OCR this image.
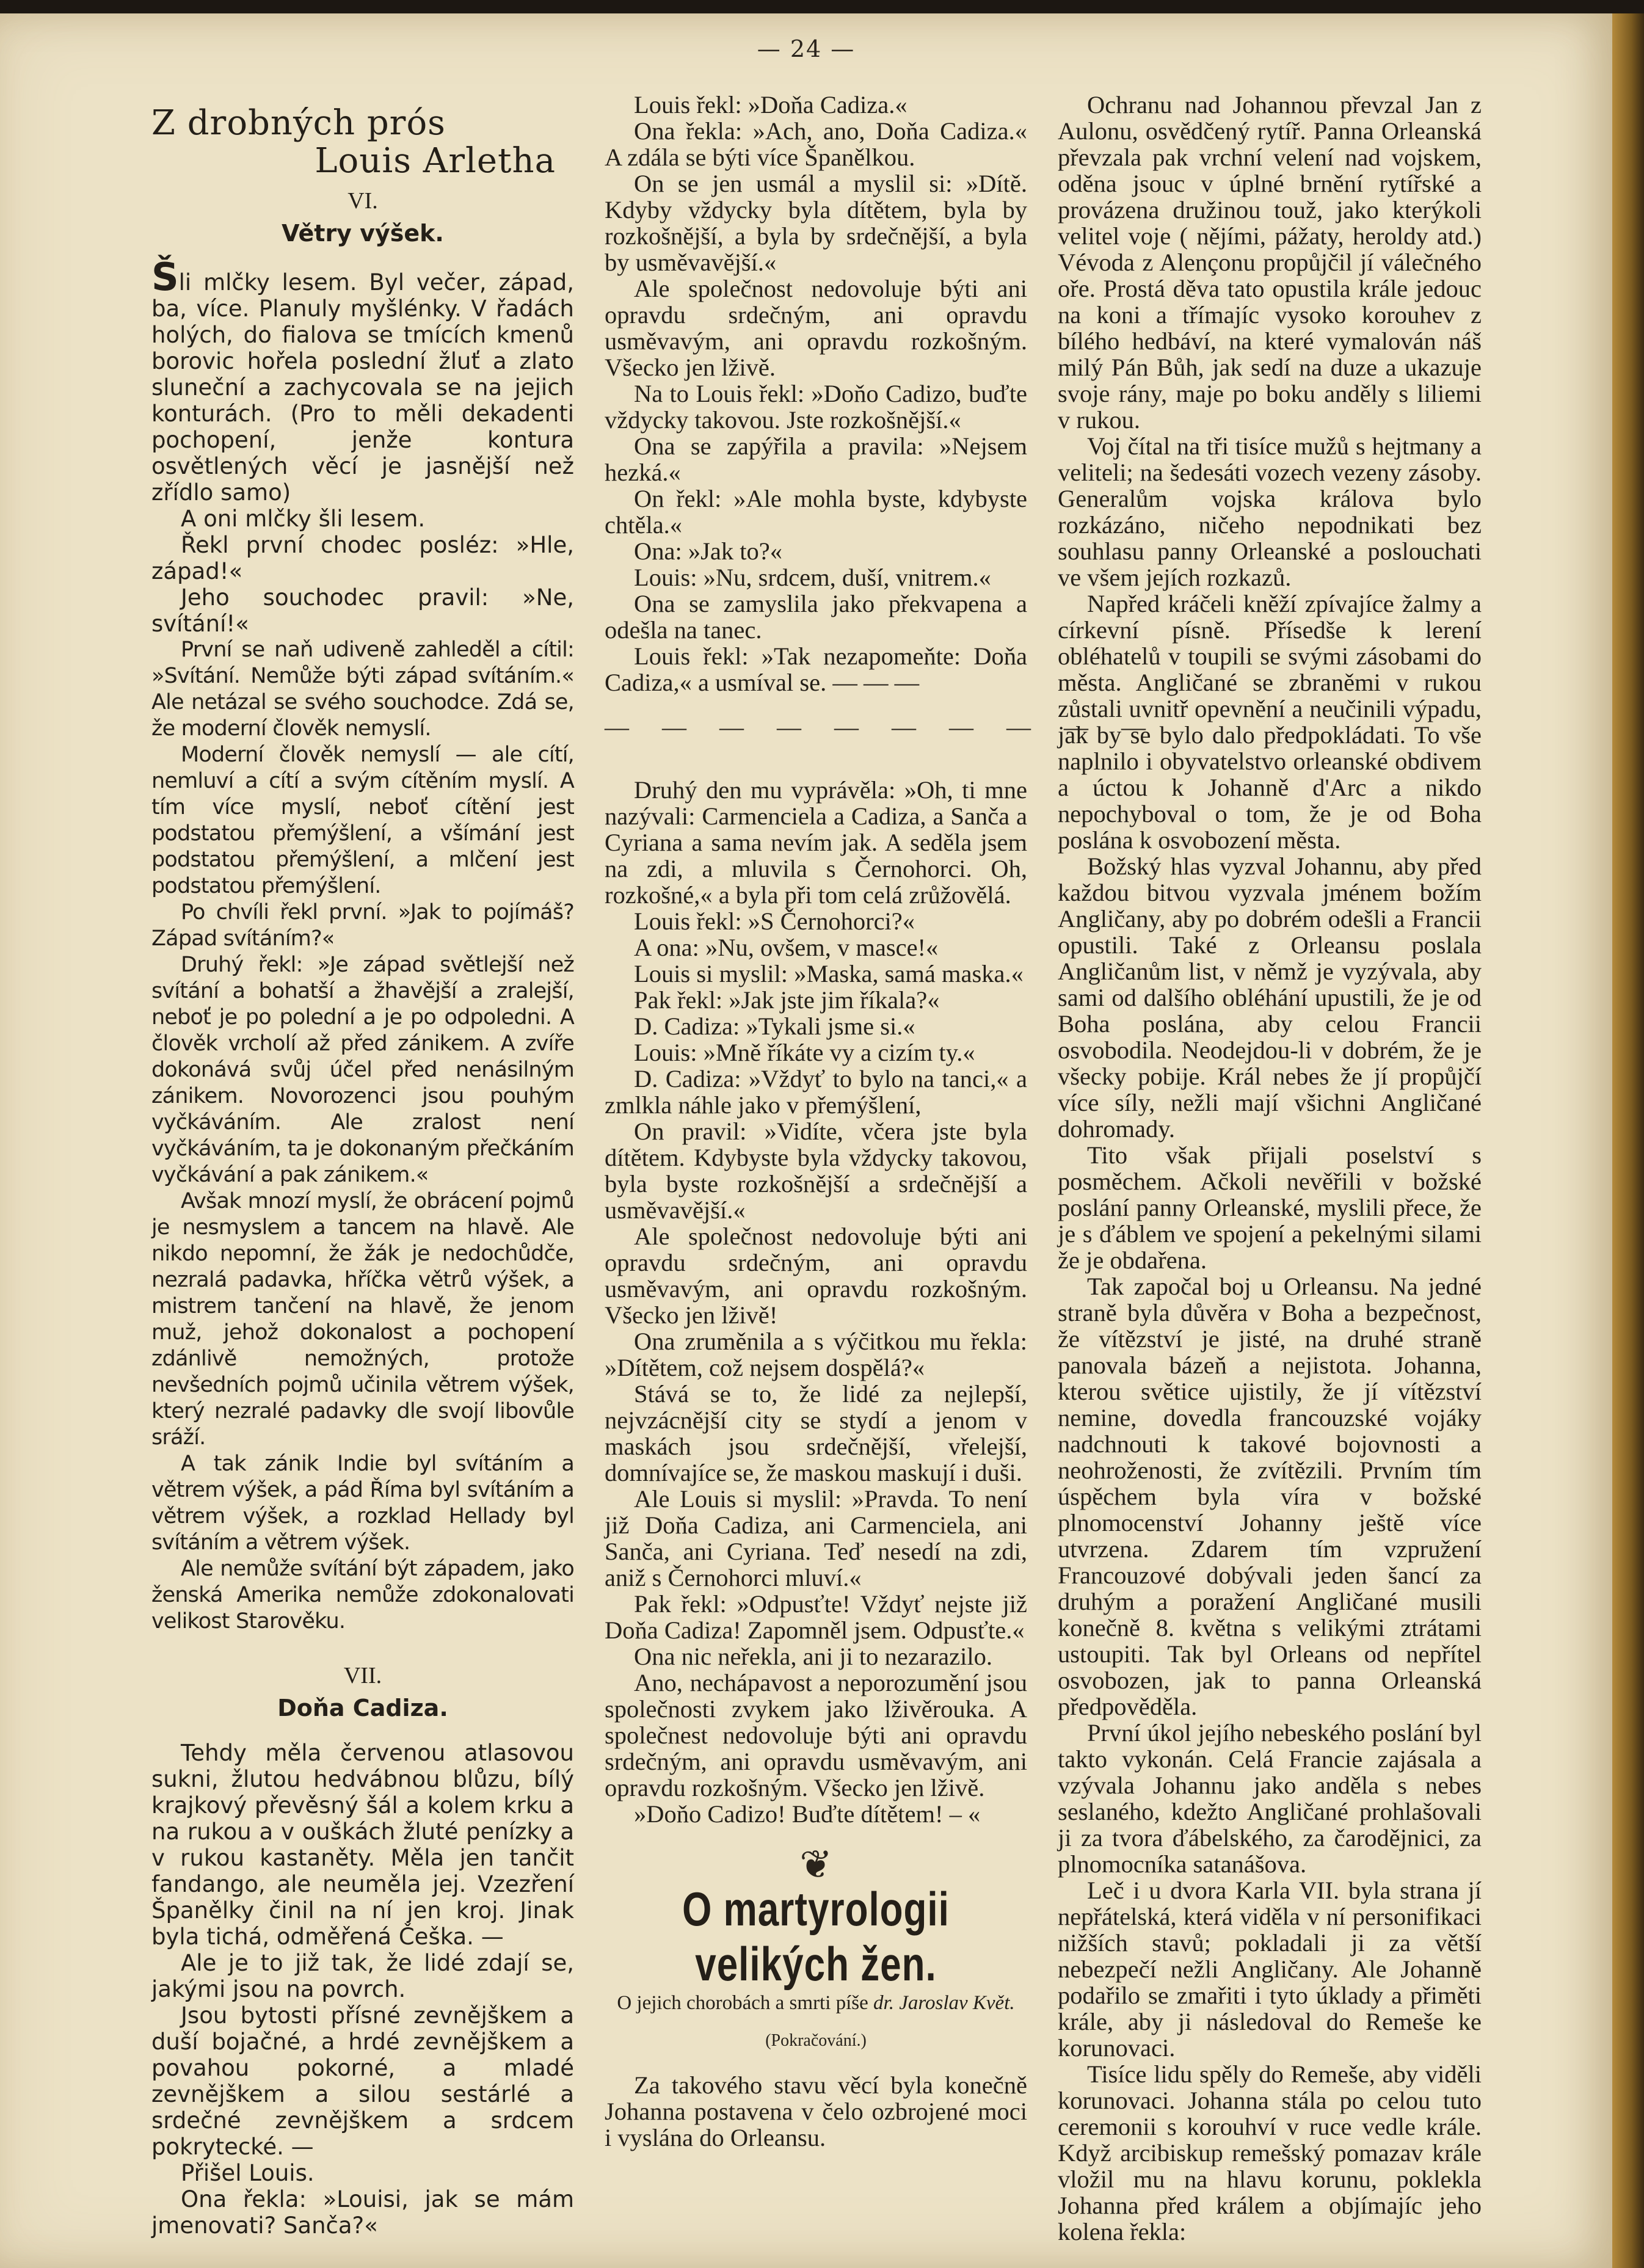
— 24 —
Z drobných prós
Louis Arletha
VI.
Větry výšek.

Šli mlčky lesem. Byl večer, západ, ba, více. Planuly myšlénky. V řadách holých, do fialova se tmících kmenů borovic hořela poslední žluť a zlato sluneční a zachycovala se na jejich konturách. (Pro to měli dekadenti pochopení, jenže kontura osvětlených věcí je jasnější než zřídlo samo)

A oni mlčky šli lesem.

Řekl první chodec posléz: »Hle, západ!«

Jeho souchodec pravil: »Ne, svítání!«

První se naň udiveně zahleděl a cítil: »Svítání. Nemůže býti západ svítáním.« Ale netázal se svého souchodce. Zdá se, že moderní člověk nemyslí.

Moderní člověk nemyslí — ale cítí, nemluví a cítí a svým cítěním myslí. A tím více myslí, neboť cítění jest podstatou přemýšlení, a všímání jest podstatou přemýšlení, a mlčení jest podstatou přemýšlení.

Po chvíli řekl první. »Jak to pojímáš? Západ svítáním?«

Druhý řekl: »Je západ světlejší než svítání a bohatší a žhavější a zralejší, neboť je po polední a je po odpoledni. A člověk vrcholí až před zánikem. A zvíře dokonává svůj účel před nenásilným zánikem. Novorozenci jsou pouhým vyčkáváním. Ale zralost není vyčkáváním, ta je dokonaným přečkáním vyčkávání a pak zánikem.«

Avšak mnozí myslí, že obrácení pojmů je nesmyslem a tancem na hlavě. Ale nikdo nepomní, že žák je nedochůdče, nezralá padavka, hříčka větrů výšek, a mistrem tančení na hlavě, že jenom muž, jehož dokonalost a pochopení zdánlivě nemožných, protože nevšedních pojmů učinila větrem výšek, který nezralé padavky dle svojí libovůle sráží.

A tak zánik Indie byl svítáním a větrem výšek, a pád Říma byl svítáním a větrem výšek, a rozklad Hellady byl svítáním a větrem výšek.

Ale nemůže svítání být západem, jako ženská Amerika nemůže zdokonalovati velikost Starověku.

VII.
Doňa Cadiza.

Tehdy měla červenou atlasovou sukni, žlutou hedvábnou blůzu, bílý krajkový převěsný šál a kolem krku a na rukou a v ouškách žluté penízky a v rukou kastaněty. Měla jen tančit fandango, ale neuměla jej. Vzezření Španělky činil na ní jen kroj. Jinak byla tichá, odměřená Češka. —

Ale je to již tak, že lidé zdají se, jakými jsou na povrch.

Jsou bytosti přísné zevnějškem a duší bojačné, a hrdé zevnějškem a povahou pokorné, a mladé zevnějškem a silou sestárlé a srdečné zevnějškem a srdcem pokrytecké. —

Přišel Louis.

Ona řekla: »Louisi, jak se mám jmenovati? Sanča?«

Louis řekl: »Doňa Cadiza.«

Ona řekla: »Ach, ano, Doňa Cadiza.« A zdála se býti více Španělkou.

On se jen usmál a myslil si: »Dítě. Kdyby vždycky byla dítětem, byla by rozkošnější, a byla by srdečnější, a byla by usměvavější.«

Ale společnost nedovoluje býti ani opravdu srdečným, ani opravdu usměvavým, ani opravdu rozkošným. Všecko jen lživě.

Na to Louis řekl: »Doňo Cadizo, buďte vždycky takovou. Jste rozkošnější.«

Ona se zapýřila a pravila: »Nejsem hezká.«

On řekl: »Ale mohla byste, kdybyste chtěla.«

Ona: »Jak to?«

Louis: »Nu, srdcem, duší, vnitrem.«

Ona se zamyslila jako překvapena a odešla na tanec.

Louis řekl: »Tak nezapomeňte: Doňa Cadiza,« a usmíval se. — — —

— — — — — — — — — —

Druhý den mu vyprávěla: »Oh, ti mne nazývali: Carmenciela a Cadiza, a Sanča a Cyriana a sama nevím jak. A seděla jsem na zdi, a mluvila s Černohorci. Oh, rozkošné,« a byla při tom celá zrůžovělá.

Louis řekl: »S Černohorci?«

A ona: »Nu, ovšem, v masce!«

Louis si myslil: »Maska, samá maska.«

Pak řekl: »Jak jste jim říkala?«

D. Cadiza: »Tykali jsme si.«

Louis: »Mně říkáte vy a cizím ty.«

D. Cadiza: »Vždyť to bylo na tanci,« a zmlkla náhle jako v přemýšlení,

On pravil: »Vidíte, včera jste byla dítětem. Kdybyste byla vždycky takovou, byla byste rozkošnější a srdečnější a usměvavější.«

Ale společnost nedovoluje býti ani opravdu srdečným, ani opravdu usměvavým, ani opravdu rozkošným. Všecko jen lživě!

Ona zruměnila a s výčitkou mu řekla: »Dítětem, což nejsem dospělá?«

Stává se to, že lidé za nejlepší, nejvzácnější city se stydí a jenom v maskách jsou srdečnější, vřelejší, domnívajíce se, že maskou maskují i duši.

Ale Louis si myslil: »Pravda. To není již Doňa Cadiza, ani Carmenciela, ani Sanča, ani Cyriana. Teď nesedí na zdi, aniž s Černohorci mluví.«

Pak řekl: »Odpusťte! Vždyť nejste již Doňa Cadiza! Zapomněl jsem. Odpusťte.«

Ona nic neřekla, ani ji to nezarazilo.

Ano, nechápavost a neporozumění jsou společnosti zvykem jako lživěrouka. A společnest nedovoluje býti ani opravdu srdečným, ani opravdu usměvavým, ani opravdu rozkošným. Všecko jen lživě.

»Doňo Cadizo! Buďte dítětem! – «

❦
O martyrologii velikých žen.
O jejich chorobách a smrti píše dr. Jaroslav Květ.
(Pokračování.)

Za takového stavu věcí byla konečně Johanna postavena v čelo ozbrojené moci i vyslána do Orleansu.

Ochranu nad Johannou převzal Jan z Aulonu, osvědčený rytíř. Panna Orleanská převzala pak vrchní velení nad vojskem, oděna jsouc v úplné brnění rytířské a provázena družinou touž, jako kterýkoli velitel voje ( nějími, pážaty, heroldy atd.) Vévoda z Alençonu propůjčil jí válečného oře. Prostá děva tato opustila krále jedouc na koni a třímajíc vysoko korouhev z bílého hedbáví, na které vymalován náš milý Pán Bůh, jak sedí na duze a ukazuje svoje rány, maje po boku anděly s liliemi v rukou.

Voj čítal na tři tisíce mužů s hejtmany a veliteli; na šedesáti vozech vezeny zásoby. Generalům vojska králova bylo rozkázáno, ničeho nepodnikati bez souhlasu panny Orleanské a poslouchati ve všem jejích rozkazů.

Napřed kráčeli kněží zpívajíce žalmy a církevní písně. Přísedše k lerení obléhatelů v toupili se svými zásobami do města. Angličané se zbraněmi v rukou zůstali uvnitř opevnění a neučinili výpadu, jak by se bylo dalo předpokládati. To vše naplnilo i obyvatelstvo orleanské obdivem a úctou k Johanně d'Arc a nikdo nepochyboval o tom, že je od Boha poslána k osvobození města.

Božský hlas vyzval Johannu, aby před každou bitvou vyzvala jménem božím Angličany, aby po dobrém odešli a Francii opustili. Také z Orleansu poslala Angličanům list, v němž je vyzývala, aby sami od dalšího obléhání upustili, že je od Boha poslána, aby celou Francii osvobodila. Neodejdou-li v dobrém, že je všecky pobije. Král nebes že jí propůjčí více síly, nežli mají všichni Angličané dohromady.

Tito však přijali poselství s posměchem. Ačkoli nevěřili v božské poslání panny Orleanské, myslili přece, že je s ďáblem ve spojení a pekelnými silami že je obdařena.

Tak započal boj u Orleansu. Na jedné straně byla důvěra v Boha a bezpečnost, že vítězství je jisté, na druhé straně panovala bázeň a nejistota. Johanna, kterou světice ujistily, že jí vítězství nemine, dovedla francouzské vojáky nadchnouti k takové bojovnosti a neohroženosti, že zvítězili. Prvním tím úspěchem byla víra v božské plnomocenství Johanny ještě více utvrzena. Zdarem tím vzpružení Francouzové dobývali jeden šancí za druhým a poražení Angličané musili konečně 8. května s velikými ztrátami ustoupiti. Tak byl Orleans od nepřítel osvobozen, jak to panna Orleanská předpověděla.

První úkol jejího nebeského poslání byl takto vykonán. Celá Francie zajásala a vzývala Johannu jako anděla s nebes seslaného, kdežto Angličané prohlašovali ji za tvora ďábelského, za čarodějnici, za plnomocníka satanášova.

Leč i u dvora Karla VII. byla strana jí nepřátelská, která viděla v ní personifikaci nižších stavů; pokladali ji za větší nebezpečí nežli Angličany. Ale Johanně podařilo se zmařiti i tyto úklady a přiměti krále, aby ji následoval do Remeše ke korunovaci.

Tisíce lidu spěly do Remeše, aby viděli korunovaci. Johanna stála po celou tuto ceremonii s korouhví v ruce vedle krále. Když arcibiskup remešský pomazav krále vložil mu na hlavu korunu, poklekla Johanna před králem a objímajíc jeho kolena řekla:
